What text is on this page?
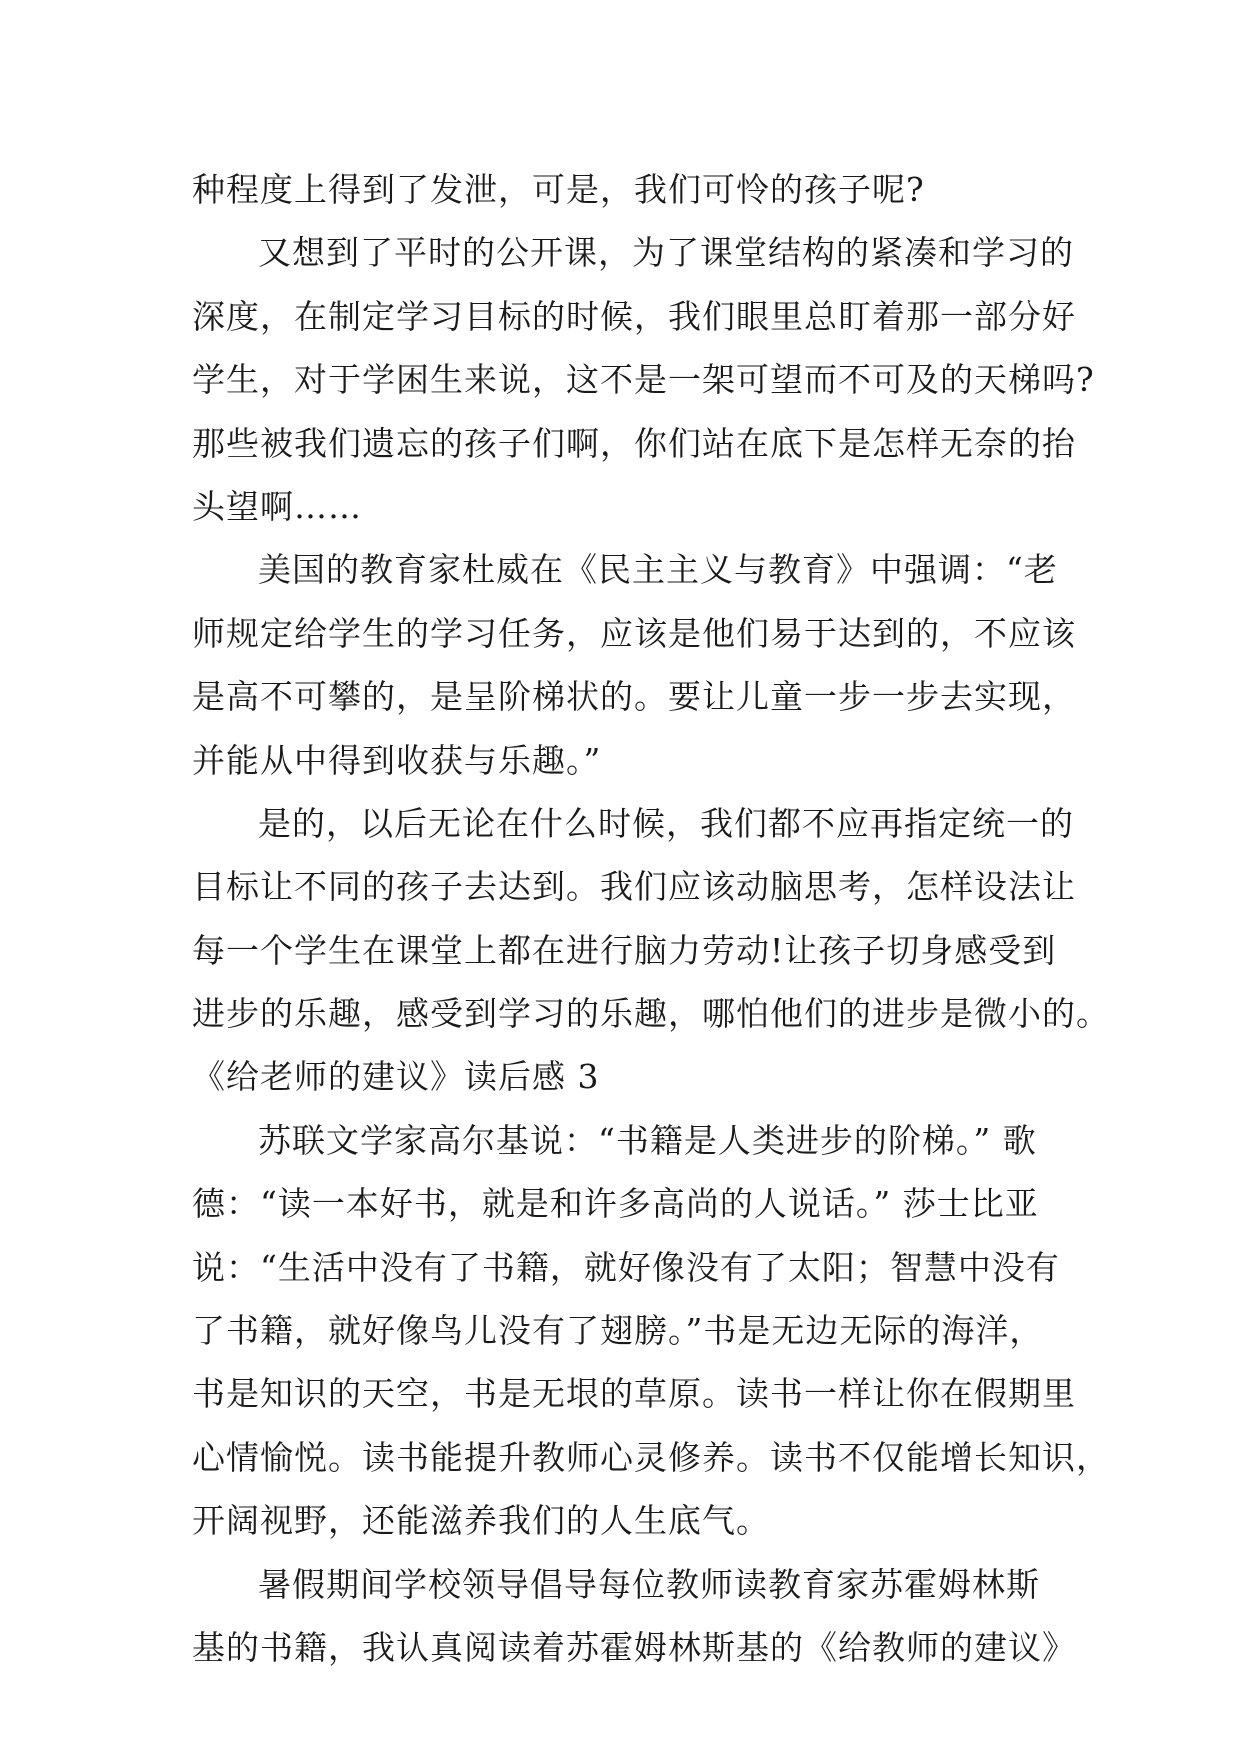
种程度上得到了发泄，可是，我们可怜的孩子呢?
又想到了平时的公开课，为了课堂结构的紧凑和学习的
深度，在制定学习目标的时候，我们眼里总盯着那一部分好
学生，对于学困生来说，这不是一架可望而不可及的天梯吗?
那些被我们遗忘的孩子们啊，你们站在底下是怎样无奈的抬
头望啊……
美国的教育家杜威在《民主主义与教育》中强调：“老
师规定给学生的学习任务，应该是他们易于达到的，不应该
是高不可攀的，是呈阶梯状的。要让儿童一步一步去实现，
并能从中得到收获与乐趣。”
是的，以后无论在什么时候，我们都不应再指定统一的
目标让不同的孩子去达到。我们应该动脑思考，怎样设法让
每一个学生在课堂上都在进行脑力劳动!让孩子切身感受到
进步的乐趣，感受到学习的乐趣，哪怕他们的进步是微小的。
《给老师的建议》读后感 3
苏联文学家高尔基说：“书籍是人类进步的阶梯。” 歌
德：“读一本好书，就是和许多高尚的人说话。” 莎士比亚
说：“生活中没有了书籍，就好像没有了太阳；智慧中没有
了书籍，就好像鸟儿没有了翅膀。”书是无边无际的海洋，
书是知识的天空，书是无垠的草原。读书一样让你在假期里
心情愉悦。读书能提升教师心灵修养。读书不仅能增长知识，
开阔视野，还能滋养我们的人生底气。
暑假期间学校领导倡导每位教师读教育家苏霍姆林斯
基的书籍，我认真阅读着苏霍姆林斯基的《给教师的建议》
